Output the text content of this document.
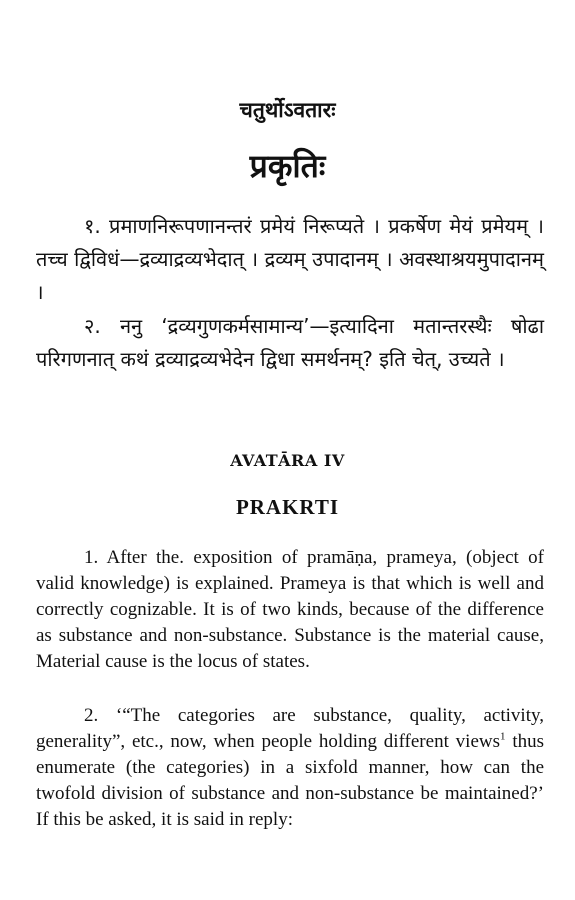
चतुर्थोऽवतारः
प्रकृतिः

१. प्रमाणनिरूपणानन्तरं प्रमेयं निरूप्यते । प्रकर्षेण मेयं प्रमेयम् । तच्च द्विविधं—द्रव्याद्रव्यभेदात् । द्रव्यम् उपादानम् । अवस्थाश्रयमुपादानम् ।

२. ननु ‘द्रव्यगुणकर्मसामान्य’—इत्यादिना मतान्तरस्थैः षोढा परिगणनात् कथं द्रव्याद्रव्यभेदेन द्विधा समर्थनम्? इति चेत्, उच्यते ।

AVATĀRA IV
PRAKRTI

1. After the. exposition of pramāṇa, prameya, (object of valid knowledge) is explained. Prameya is that which is well and correctly cognizable. It is of two kinds, because of the difference as substance and non-substance. Substance is the material cause, Material cause is the locus of states.

2. ‘“The categories are substance, quality, activity, generality”, etc., now, when people holding different views$^1$ thus enumerate (the categories) in a sixfold manner, how can the twofold division of substance and non-substance be maintained?’ If this be asked, it is said in reply:
